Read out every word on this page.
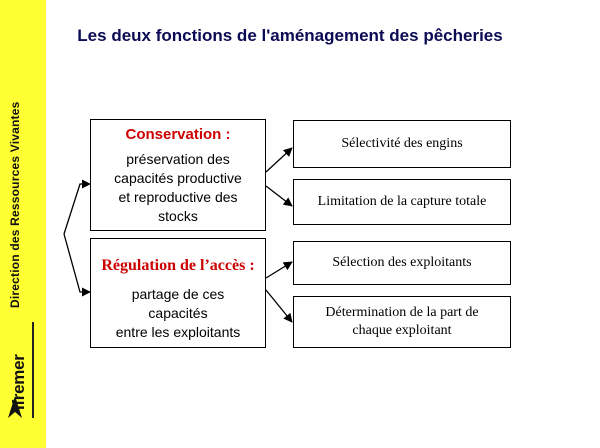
Direction des Ressources Vivantes
Ifremer
Les deux fonctions de l'aménagement des pêcheries
Conservation :
préservation des
capacités productive
et reproductive des
stocks
Régulation de l’accès :
partage de ces
capacités
entre les exploitants
Sélectivité des engins
Limitation de la capture totale
Sélection des exploitants
Détermination de la part de chaque exploitant
